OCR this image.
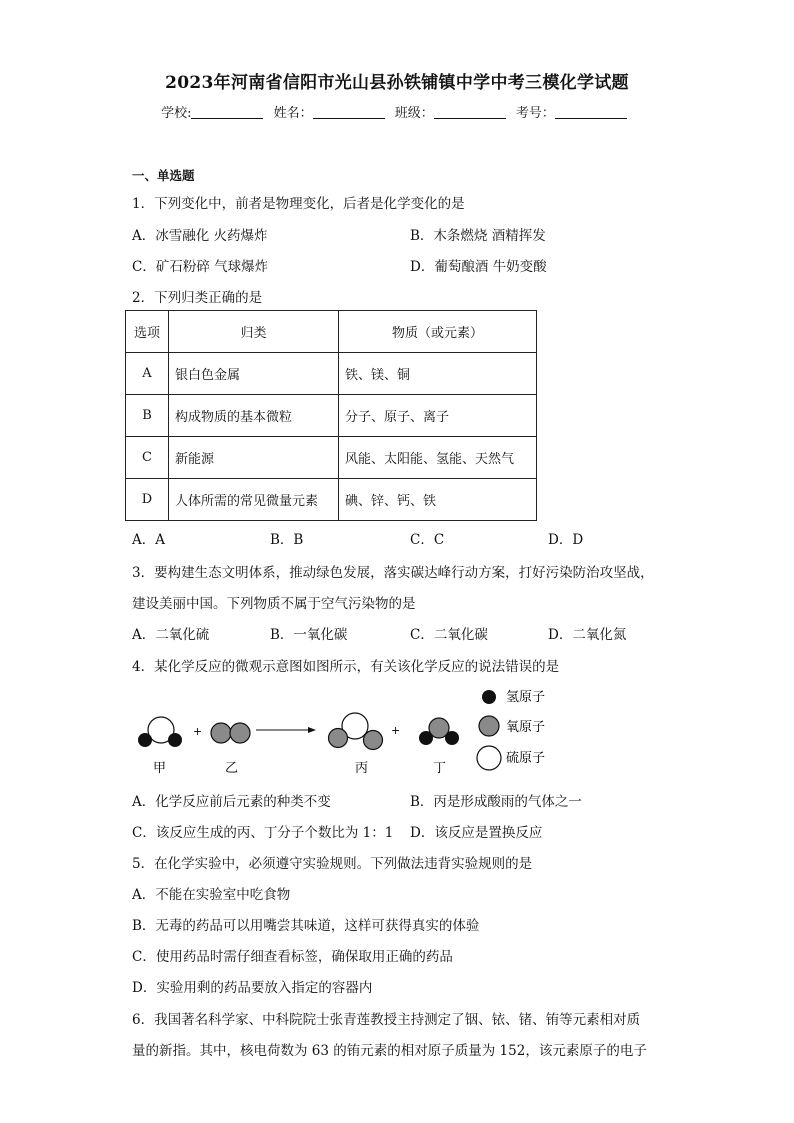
2023年河南省信阳市光山县孙铁铺镇中学中考三模化学试题
学校:	姓名：	班级：	考号：
一、单选题
1．下列变化中，前者是物理变化，后者是化学变化的是
A．冰雪融化 火药爆炸	B．木条燃烧 酒精挥发
C．矿石粉碎 气球爆炸	D．葡萄酿酒 牛奶变酸
2．下列归类正确的是
选项	归类	物质（或元素）
A	银白色金属	铁、镁、铜
B	构成物质的基本微粒	分子、原子、离子
C	新能源	风能、太阳能、氢能、天然气
D	人体所需的常见微量元素	碘、锌、钙、铁
A．A	B．B	C．C	D．D
3．要构建生态文明体系，推动绿色发展，落实碳达峰行动方案，打好污染防治攻坚战，
建设美丽中国。下列物质不属于空气污染物的是
A．二氧化硫	B．一氧化碳	C．二氧化碳	D．二氧化氮
4．某化学反应的微观示意图如图所示，有关该化学反应的说法错误的是
+	+
甲	乙	丙	丁
氢原子
氧原子
硫原子
A．化学反应前后元素的种类不变	B．丙是形成酸雨的气体之一
C．该反应生成的丙、丁分子个数比为 1：1 D．该反应是置换反应
5．在化学实验中，必须遵守实验规则。下列做法违背实验规则的是
A．不能在实验室中吃食物
B．无毒的药品可以用嘴尝其味道，这样可获得真实的体验
C．使用药品时需仔细查看标签，确保取用正确的药品
D．实验用剩的药品要放入指定的容器内
6．我国著名科学家、中科院院士张青莲教授主持测定了铟、铱、锗、铕等元素相对质
量的新指。其中，核电荷数为 63 的铕元素的相对原子质量为 152，该元素原子的电子
